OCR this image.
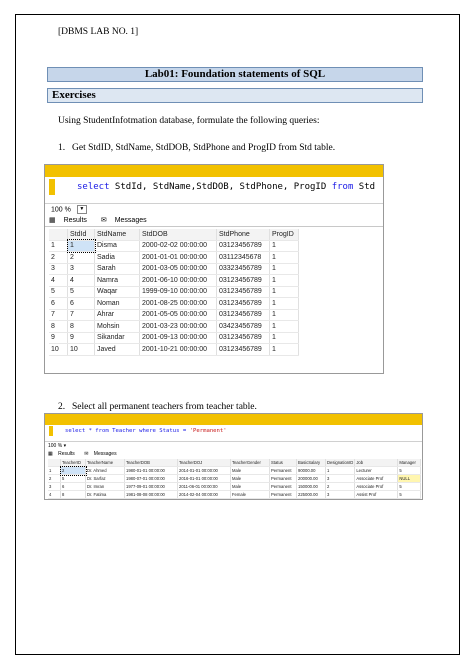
[DBMS LAB NO. 1]
Lab01: Foundation statements of SQL
Exercises
Using StudentInfotmation database, formulate the following queries:
1. Get StdID, StdName, StdDOB, StdPhone and ProgID from Std table.
select StdId, StdName,StdDOB, StdPhone, ProgID from Std
100 % ▼
▦ Results ✉ Messages
	StdId	StdName	StdDOB	StdPhone	ProgID
1	1	Disma	2000-02-02 00:00:00	03123456789	1
2	2	Sadia	2001-01-01 00:00:00	03112345678	1
3	3	Sarah	2001-03-05 00:00:00	03323456789	1
4	4	Namra	2001-06-10 00:00:00	03123456789	1
5	5	Waqar	1999-09-10 00:00:00	03123456789	1
6	6	Noman	2001-08-25 00:00:00	03123456789	1
7	7	Ahrar	2001-05-05 00:00:00	03123456789	1
8	8	Mohsin	2001-03-23 00:00:00	03423456789	1
9	9	Sikandar	2001-09-13 00:00:00	03123456789	1
10	10	Javed	2001-10-21 00:00:00	03123456789	1
2. Select all permanent teachers from teacher table.
select * from Teacher where Status = 'Permanent'
100 % ▾
▦ Results ✉ Messages
	TeacherID	TeacherName	TeacherDOB	TeacherDOJ	TeacherGender	Status	BasicSalary	DesignationID	Job	Manager
1	2	Dr. Ahmed	1980-01-01 00:00:00	2014-01-01 00:00:00	Male	Permanent	90000.00	1	Lecturer	5
2	5	Dr. Sarfaz	1980-07-01 00:00:00	2016-01-01 00:00:00	Male	Permanent	200000.00	3	Associate Prof	NULL
3	6	Dr. Imran	1977-09-01 00:00:00	2011-06-01 00:00:00	Male	Permanent	150000.00	2	Associate Prof	5
4	8	Dr. Fatima	1981-08-08 00:00:00	2014-02-04 00:00:00	Female	Permanent	225000.00	3	Assist Prof	5
